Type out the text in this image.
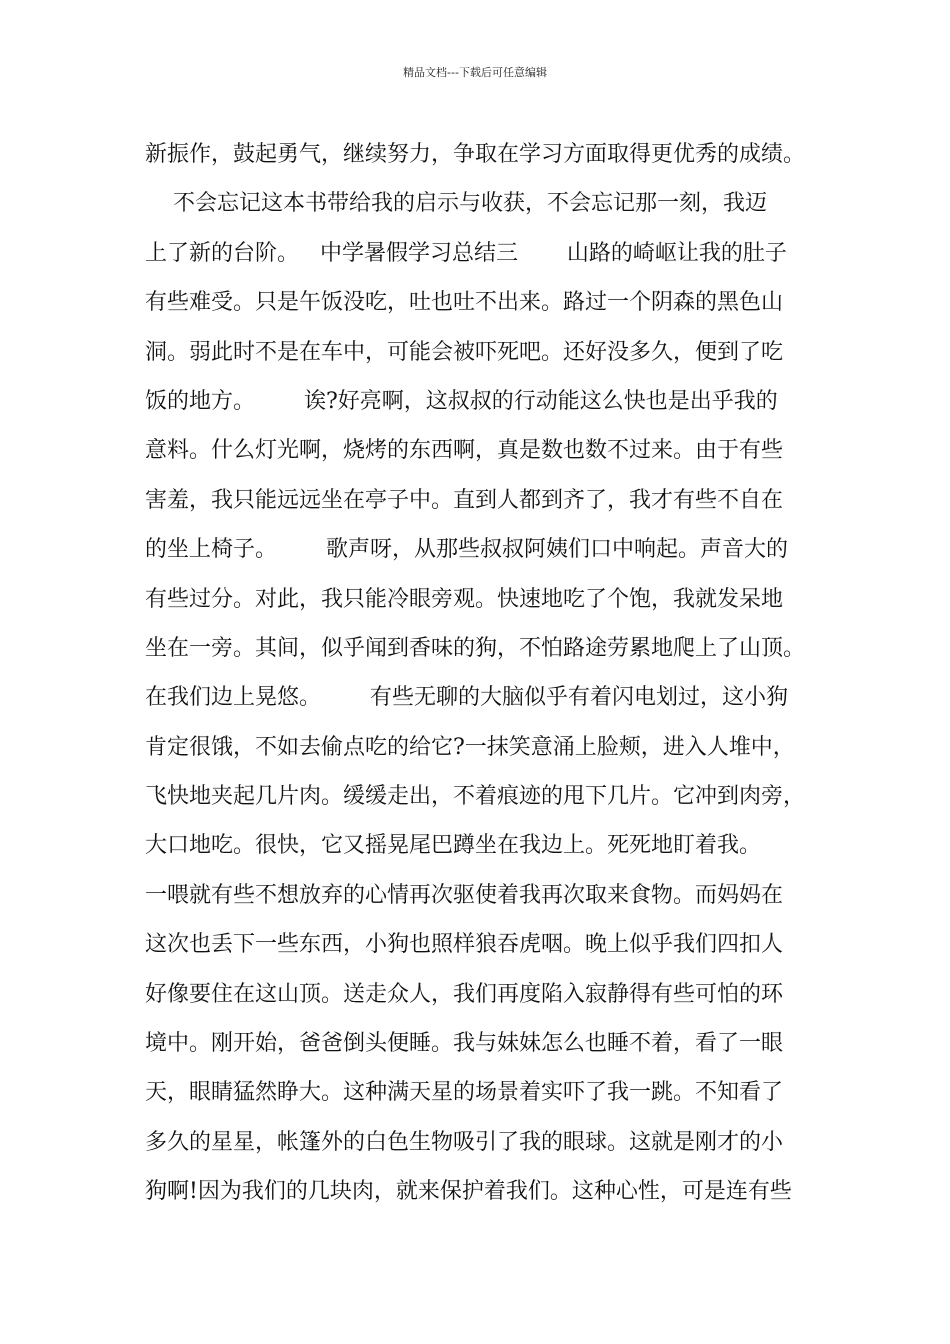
精品文档---下载后可任意编辑
新振作，鼓起勇气，继续努力，争取在学习方面取得更优秀的成绩。
不会忘记这本书带给我的启示与收获，不会忘记那一刻，我迈
上了新的台阶。   中学暑假学习总结三       山路的崎岖让我的肚子
有些难受。只是午饭没吃，吐也吐不出来。路过一个阴森的黑色山
洞。弱此时不是在车中，可能会被吓死吧。还好没多久，便到了吃
饭的地方。       诶?好亮啊，这叔叔的行动能这么快也是出乎我的
意料。什么灯光啊，烧烤的东西啊，真是数也数不过来。由于有些
害羞，我只能远远坐在亭子中。直到人都到齐了，我才有些不自在
的坐上椅子。       歌声呀，从那些叔叔阿姨们口中响起。声音大的
有些过分。对此，我只能冷眼旁观。快速地吃了个饱，我就发呆地
坐在一旁。其间，似乎闻到香味的狗，不怕路途劳累地爬上了山顶。
在我们边上晃悠。       有些无聊的大脑似乎有着闪电划过，这小狗
肯定很饿，不如去偷点吃的给它?一抹笑意涌上脸颊，进入人堆中，
飞快地夹起几片肉。缓缓走出，不着痕迹的甩下几片。它冲到肉旁，
大口地吃。很快，它又摇晃尾巴蹲坐在我边上。死死地盯着我。
一喂就有些不想放弃的心情再次驱使着我再次取来食物。而妈妈在
这次也丢下一些东西，小狗也照样狼吞虎咽。晚上似乎我们四扣人
好像要住在这山顶。送走众人，我们再度陷入寂静得有些可怕的环
境中。刚开始，爸爸倒头便睡。我与妹妹怎么也睡不着，看了一眼
天，眼睛猛然睁大。这种满天星的场景着实吓了我一跳。不知看了
多久的星星，帐篷外的白色生物吸引了我的眼球。这就是刚才的小
狗啊!因为我们的几块肉，就来保护着我们。这种心性，可是连有些
